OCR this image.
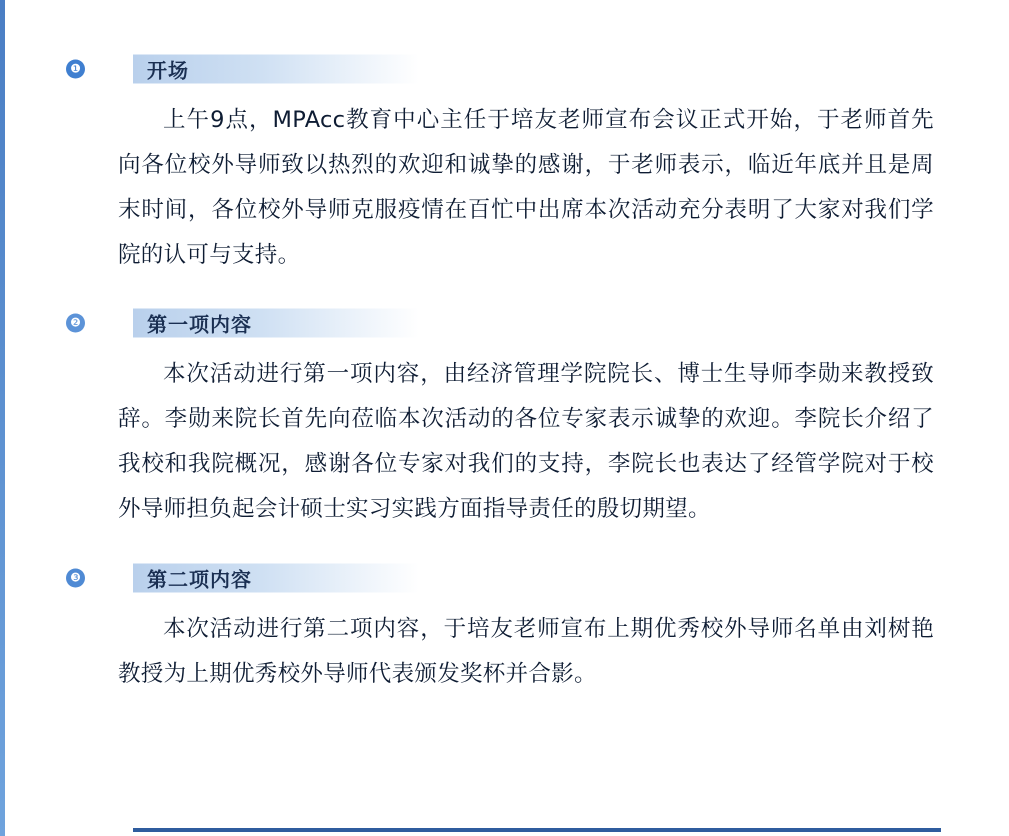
❶	开场

上午9点，MPAcc教育中心主任于培友老师宣布会议正式开始，于老师首先向各位校外导师致以热烈的欢迎和诚挚的感谢，于老师表示，临近年底并且是周末时间，各位校外导师克服疫情在百忙中出席本次活动充分表明了大家对我们学院的认可与支持。

❷	第一项内容

本次活动进行第一项内容，由经济管理学院院长、博士生导师李勋来教授致辞。李勋来院长首先向莅临本次活动的各位专家表示诚挚的欢迎。李院长介绍了我校和我院概况，感谢各位专家对我们的支持，李院长也表达了经管学院对于校外导师担负起会计硕士实习实践方面指导责任的殷切期望。

❸	第二项内容

本次活动进行第二项内容，于培友老师宣布上期优秀校外导师名单由刘树艳教授为上期优秀校外导师代表颁发奖杯并合影。
